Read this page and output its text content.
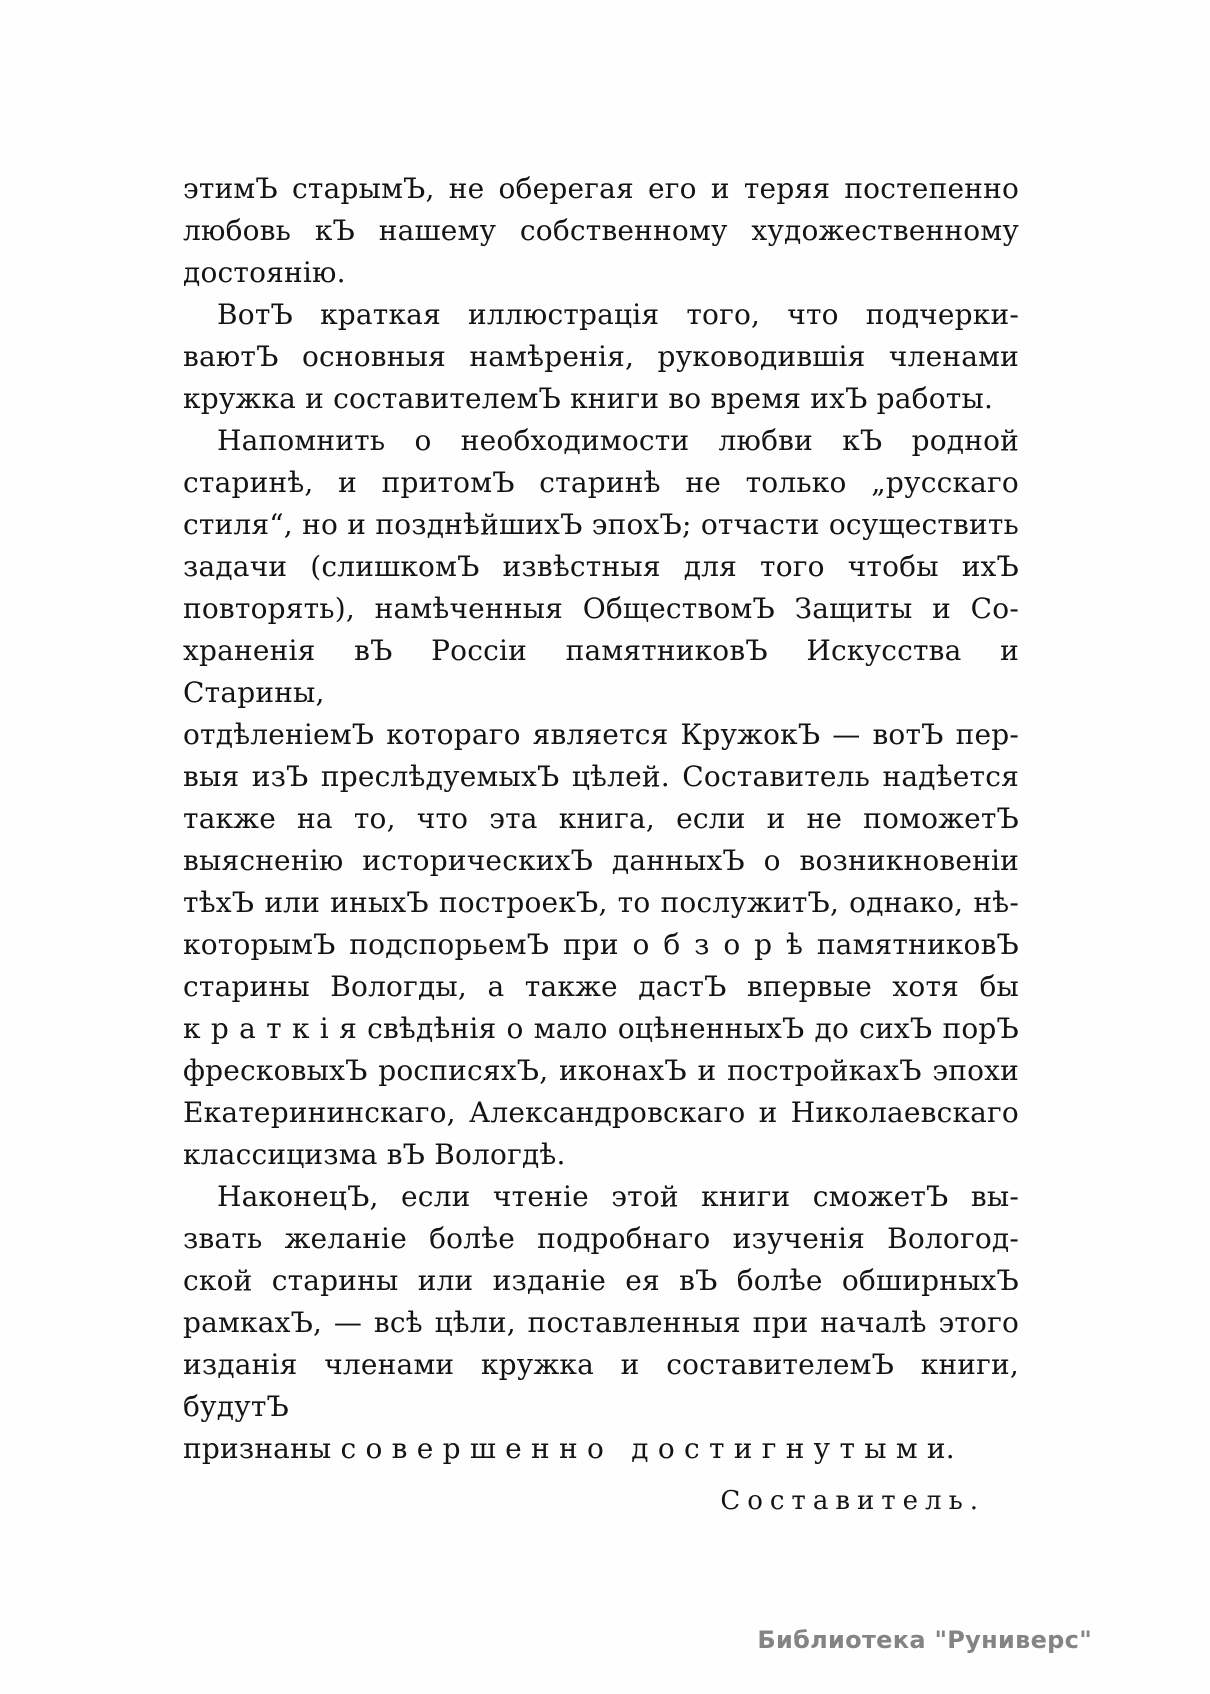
этимЪ старымЪ, не оберегая его и теряя постепенно
любовь кЪ нашему собственному художественному
достоянію.
ВотЪ краткая иллюстрація того, что подчерки-
ваютЪ основныя намѣренія, руководившія членами
кружка и составителемЪ книги во время ихЪ работы.
Напомнить о необходимости любви кЪ родной
старинѣ, и притомЪ старинѣ не только „русскаго
стиля“, но и позднѣйшихЪ эпохЪ; отчасти осуществить
задачи (слишкомЪ извѣстныя для того чтобы ихЪ
повторять), намѣченныя ОбществомЪ Защиты и Со-
храненія вЪ Россіи памятниковЪ Искусства и Старины,
отдѣленіемЪ котораго является КружокЪ — вотЪ пер-
выя изЪ преслѣдуемыхЪ цѣлей. Составитель надѣется
также на то, что эта книга, если и не поможетЪ
выясненію историческихЪ данныхЪ о возникновеніи
тѣхЪ или иныхЪ построекЪ, то послужитЪ, однако, нѣ-
которымЪ подспорьемЪ при о б з о р ѣ памятниковЪ
старины Вологды, а также дастЪ впервые хотя бы
к р а т к і я свѣдѣнія о мало оцѣненныхЪ до сихЪ порЪ
фресковыхЪ росписяхЪ, иконахЪ и постройкахЪ эпохи
Екатерининскаго, Александровскаго и Николаевскаго
классицизма вЪ Вологдѣ.
НаконецЪ, если чтеніе этой книги сможетЪ вы-
звать желаніе болѣе подробнаго изученія Вологод-
ской старины или изданіе ея вЪ болѣе обширныхЪ
рамкахЪ, — всѣ цѣли, поставленныя при началѣ этого
изданія членами кружка и составителемЪ книги, будутЪ
признаны с о в е р ш е н н о   д о с т и г н у т ы м и.
Составитель.
Библиотека "Руниверс"
